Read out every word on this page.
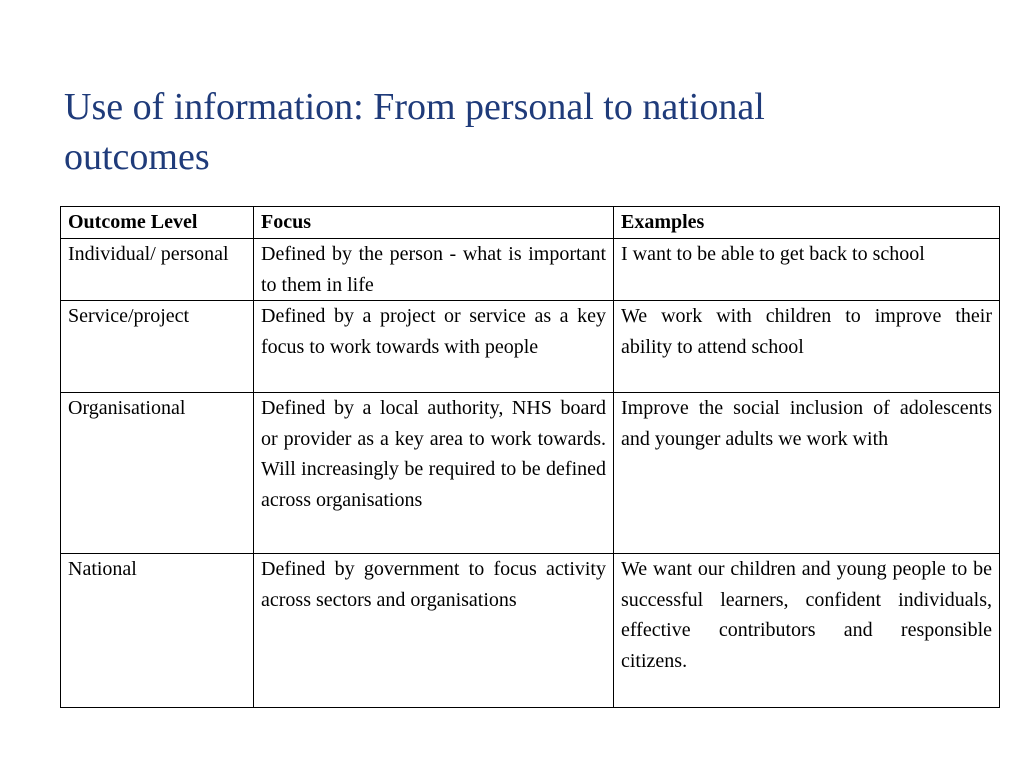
Use of information: From personal to national outcomes
Outcome Level	Focus	Examples
Individual/ personal	Defined by the person - what is important to them in life	I want to be able to get back to school
Service/project	Defined by a project or service as a key focus to work towards with people	We work with children to improve their ability to attend school
Organisational	Defined by a local authority, NHS board or provider as a key area to work towards. Will increasingly be required to be defined across organisations	Improve the social inclusion of adolescents and younger adults we work with
National	Defined by government to focus activity across sectors and organisations	We want our children and young people to be successful learners, confident individuals, effective contributors and responsible citizens.
